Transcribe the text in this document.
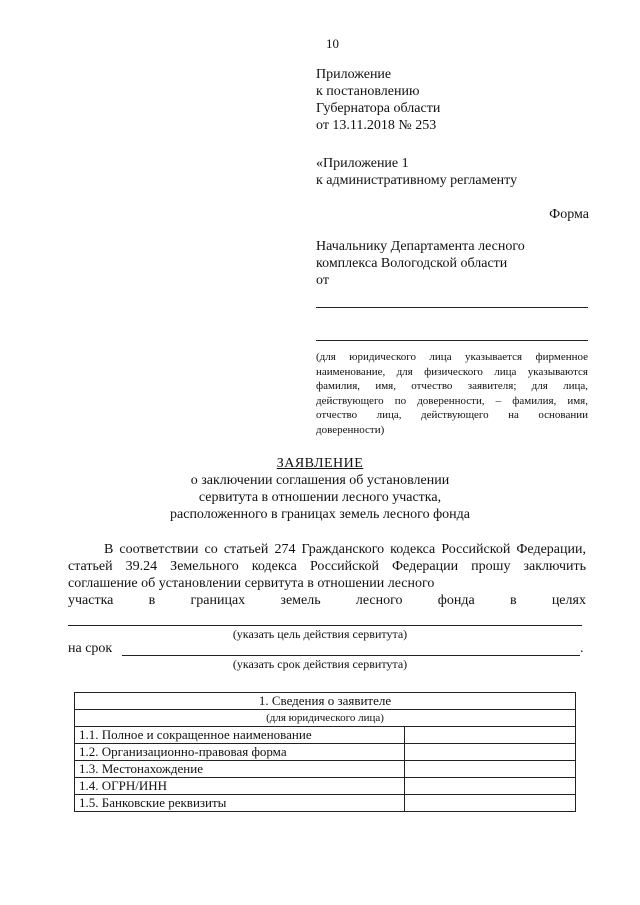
10
Приложение
к постановлению
Губернатора области
от 13.11.2018 № 253
«Приложение 1
к административному регламенту
Форма
Начальнику Департамента лесного
комплекса Вологодской области
от
(для юридического лица указывается фирменное наименование, для физического лица указываются фамилия, имя, отчество заявителя; для лица, действующего по доверенности, – фамилия, имя, отчество лица, действующего на основании доверенности)
ЗАЯВЛЕНИЕ
о заключении соглашения об установлении
сервитута в отношении лесного участка,
расположенного в границах земель лесного фонда

В соответствии со статьей 274 Гражданского кодекса Российской Федерации, статьей 39.24 Земельного кодекса Российской Федерации прошу заключить соглашение об установлении сервитута в отношении лесного

участка	в	границах	земель	лесного	фонда	в	целях
(указать цель действия сервитута)
на срок	.
(указать срок действия сервитута)
1. Сведения о заявителе	
(для юридического лица)	
1.1. Полное и сокращенное наименование	
1.2. Организационно-правовая форма	
1.3. Местонахождение	
1.4. ОГРН/ИНН	
1.5. Банковские реквизиты	
